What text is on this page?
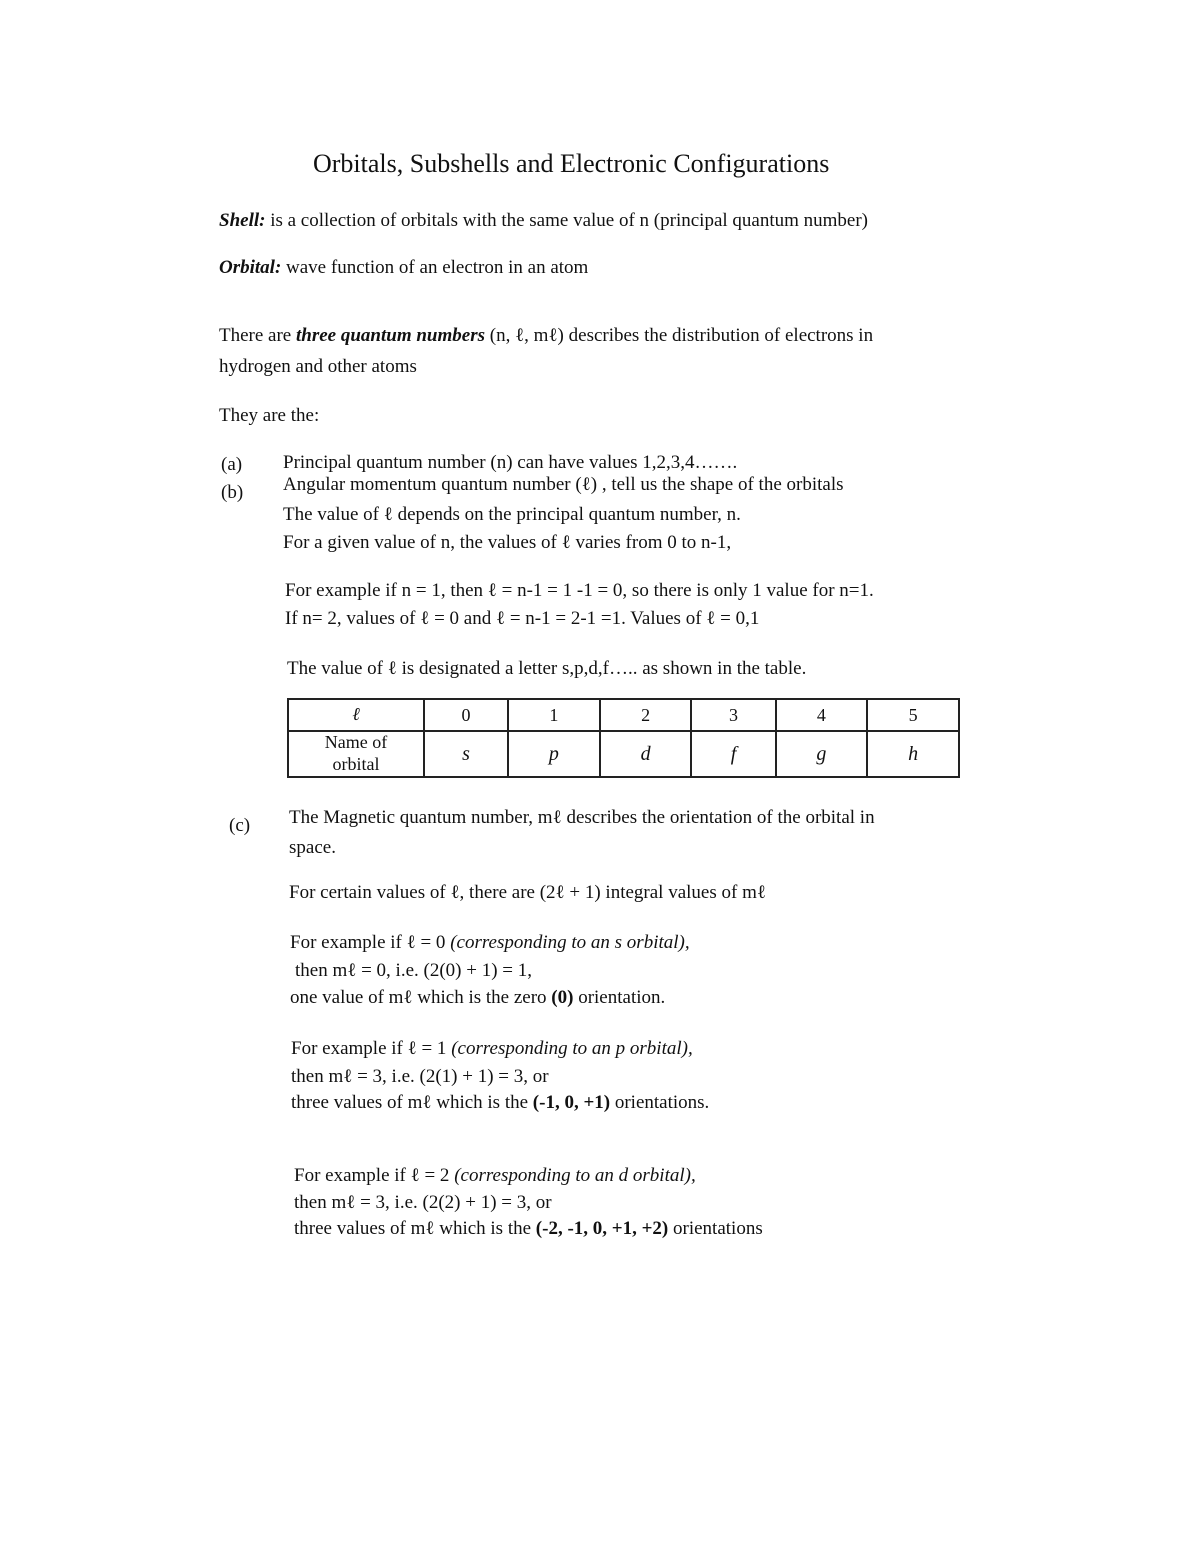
Orbitals, Subshells and Electronic Configurations
Shell: is a collection of orbitals with the same value of n (principal quantum number)
Orbital: wave function of an electron in an atom
There are three quantum numbers (n, ℓ, mℓ) describes the distribution of electrons in
hydrogen and other atoms
They are the:
(a) Principal quantum number (n) can have values 1,2,3,4…….
(b) Angular momentum quantum number (ℓ) , tell us the shape of the orbitals
The value of ℓ depends on the principal quantum number, n.
For a given value of n, the values of ℓ varies from 0 to n-1,
For example if n = 1, then ℓ = n-1 = 1 -1 = 0, so there is only 1 value for n=1.
If n= 2, values of ℓ = 0 and ℓ = n-1 = 2-1 =1. Values of ℓ = 0,1
The value of ℓ is designated a letter s,p,d,f….. as shown in the table.
ℓ	0	1	2	3	4	5
Name of
orbital	s	p	d	f	g	h
(c) The Magnetic quantum number, mℓ describes the orientation of the orbital in
space.
For certain values of ℓ, there are (2ℓ + 1) integral values of mℓ
For example if ℓ = 0 (corresponding to an s orbital),
then mℓ = 0, i.e. (2(0) + 1) = 1,
one value of mℓ which is the zero (0) orientation.
For example if ℓ = 1 (corresponding to an p orbital),
then mℓ = 3, i.e. (2(1) + 1) = 3, or
three values of mℓ which is the (-1, 0, +1) orientations.
For example if ℓ = 2 (corresponding to an d orbital),
then mℓ = 3, i.e. (2(2) + 1) = 3, or
three values of mℓ which is the (-2, -1, 0, +1, +2) orientations
